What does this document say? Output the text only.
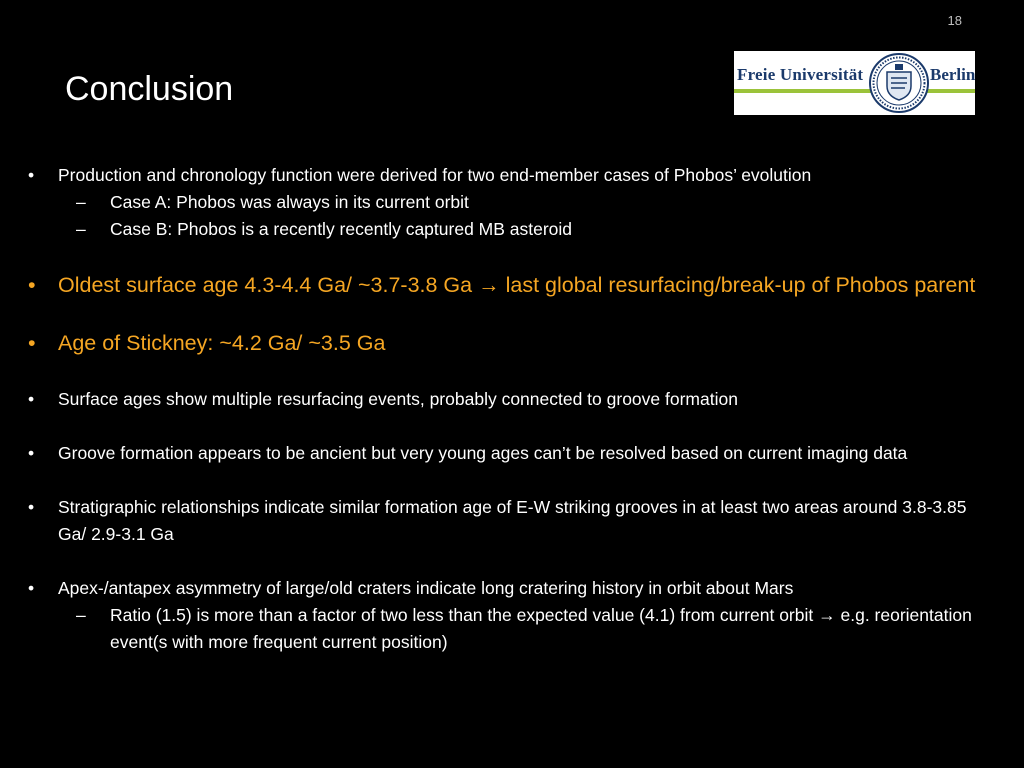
18
Conclusion	Freie Universität	Berlin
• Production and chronology function were derived for two end-member cases of Phobos’ evolution
– Case A: Phobos was always in its current orbit
– Case B: Phobos is a recently recently captured MB asteroid
• Oldest surface age 4.3-4.4 Ga/ ~3.7-3.8 Ga → last global resurfacing/break-up of Phobos parent
• Age of Stickney: ~4.2 Ga/ ~3.5 Ga
• Surface ages show multiple resurfacing events, probably connected to groove formation
• Groove formation appears to be ancient but very young ages can’t be resolved based on current imaging data
• Stratigraphic relationships indicate similar formation age of E-W striking grooves in at least two areas around 3.8-3.85 Ga/ 2.9-3.1 Ga
• Apex-/antapex asymmetry of large/old craters indicate long cratering history in orbit about Mars
– Ratio (1.5) is more than a factor of two less than the expected value (4.1) from current orbit → e.g. reorientation event(s with more frequent current position)
